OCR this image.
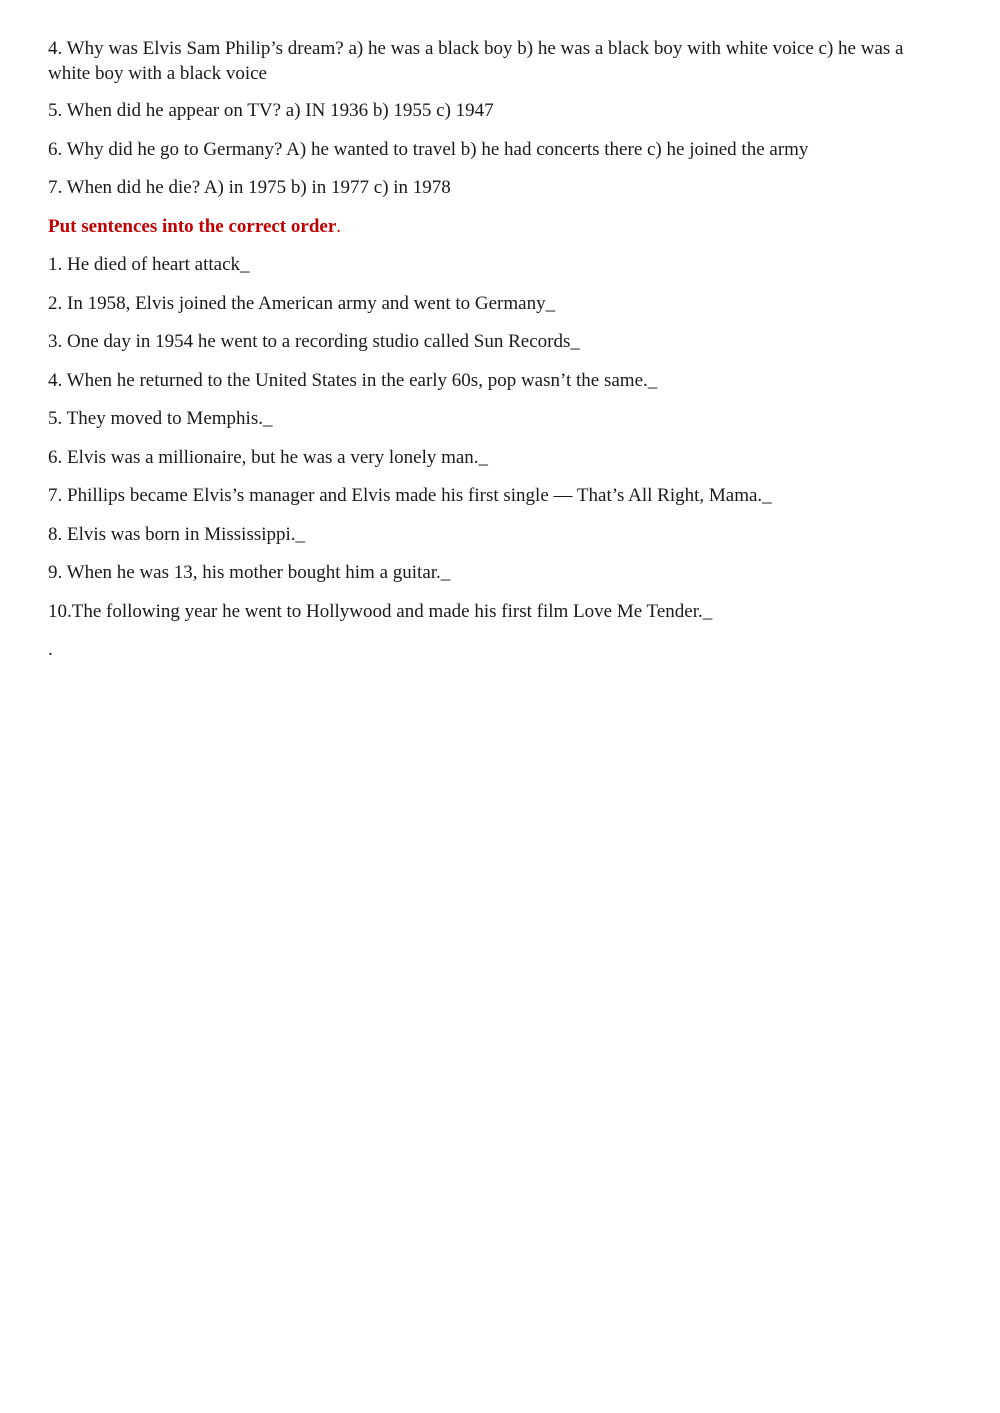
4. Why was Elvis Sam Philip’s dream? a) he was a black boy b) he was a black boy with white voice c) he was a white boy with a black voice

5. When did he appear on TV? a) IN 1936 b) 1955 c) 1947

6. Why did he go to Germany? A) he wanted to travel b) he had concerts there c) he joined the army

7. When did he die? A) in 1975 b) in 1977 c) in 1978

Put sentences into the correct order.

1. He died of heart attack_

2. In 1958, Elvis joined the American army and went to Germany_

3. One day in 1954 he went to a recording studio called Sun Records_

4. When he returned to the United States in the early 60s, pop wasn’t the same._

5. They moved to Memphis._

6. Elvis was a millionaire, but he was a very lonely man._

7. Phillips became Elvis’s manager and Elvis made his first single — That’s All Right, Mama._

8. Elvis was born in Mississippi._

9. When he was 13, his mother bought him a guitar._

10.The following year he went to Hollywood and made his first film Love Me Tender._

.
